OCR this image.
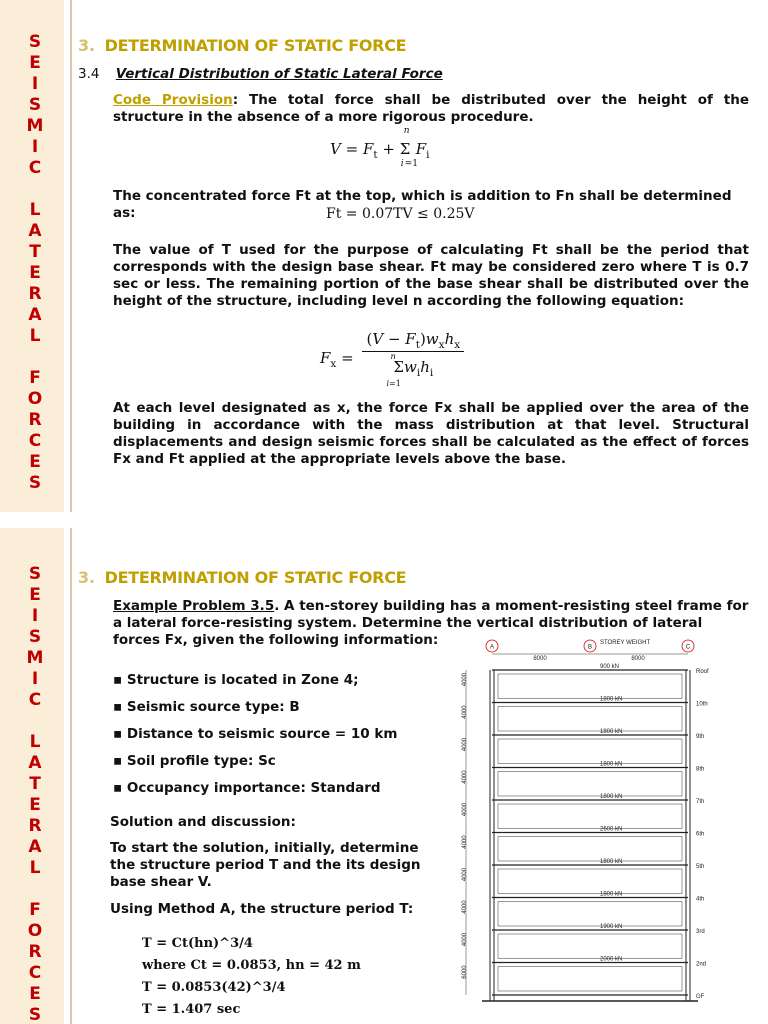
S
E
I
S
M
I
C

L
A
T
E
R
A
L

F
O
R
C
E
S
3. DETERMINATION OF STATIC FORCE
3.4 Vertical Distribution of Static Lateral Force
Code Provision: The total force shall be distributed over the height of the structure in the absence of a more rigorous procedure.
$V = F_t$ +
n
Σ
i =1
$F_i$
The concentrated force Ft at the top, which is addition to Fn shall be determined as:	Ft = 0.07TV ≤ 0.25V
The value of T used for the purpose of calculating Ft shall be the period that corresponds with the design base shear. Ft may be considered zero where T is 0.7 sec or less. The remaining portion of the base shear shall be distributed over the height of the structure, including level n according the following equation:
$F_x$ =
$(V - F_t)w_xh_x$
n
$\Sigma w_ih_i$
i=1
At each level designated as x, the force Fx shall be applied over the area of the building in accordance with the mass distribution at that level. Structural displacements and design seismic forces shall be calculated as the effect of forces Fx and Ft applied at the appropriate levels above the base.
S
E
I
S
M
I
C

L
A
T
E
R
A
L

F
O
R
C
E
S
3. DETERMINATION OF STATIC FORCE
Example Problem 3.5. A ten-storey building has a moment-resisting steel frame for a lateral force-resisting system. Determine the vertical distribution of lateral forces Fx, given the following information:
▪ Structure is located in Zone 4;
▪ Seismic source type: B
▪ Distance to seismic source = 10 km
▪ Soil profile type: Sc
▪ Occupancy importance: Standard
Solution and discussion:
To start the solution, initially, determine the structure period T and the its design base shear V.
Using Method A, the structure period T:
T = Ct(hn)^3/4
where Ct = 0.0853, hn = 42 m
T = 0.0853(42)^3/4
T = 1.407 sec
A	B	C
STOREY WEIGHT
8000	8000
Roof
10th
9th
8th
7th
6th
5th
4th
3rd
2nd
GF
900 kN
4000
1800 kN
4000
1800 kN
4000
1800 kN
4000
1800 kN
4000
2600 kN
4000
1800 kN
4000
1800 kN
4000
1900 kN
4000
2000 kN
6000
